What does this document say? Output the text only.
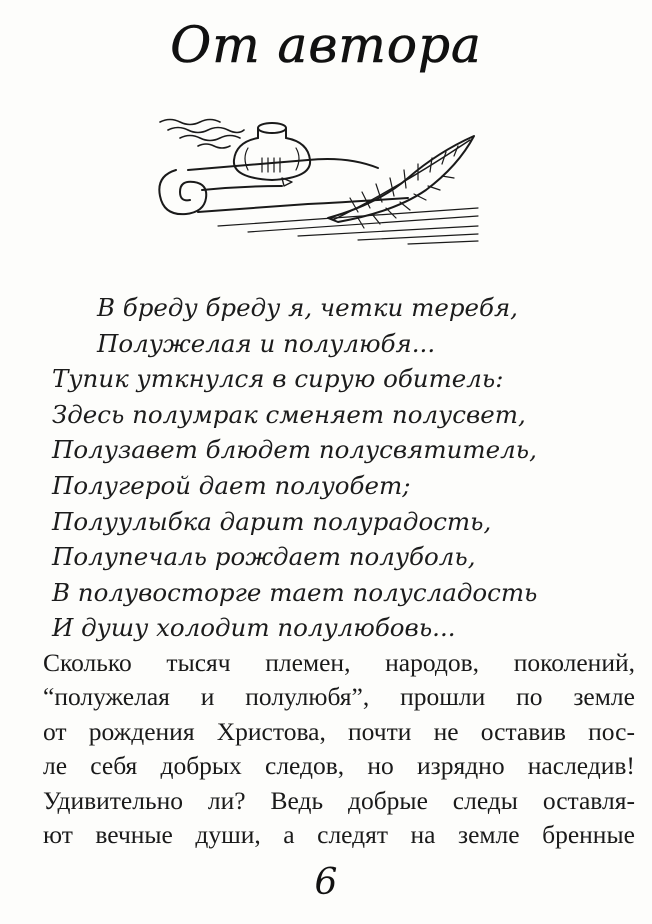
От автора
В бреду бреду я, четки теребя,
Полужелая и полулюбя...
Тупик уткнулся в сирую обитель:
Здесь полумрак сменяет полусвет,
Полузавет блюдет полусвятитель,
Полугерой дает полуобет;
Полуулыбка дарит полурадость,
Полупечаль рождает полуболь,
В полувосторге тает полусладость
И душу холодит полулюбовь...
Сколько тысяч племен, народов, поколений,
“полужелая и полулюбя”, прошли по земле
от рождения Христова, почти не оставив пос-
ле себя добрых следов, но изрядно наследив!
Удивительно ли? Ведь добрые следы оставля-
ют вечные души, а следят на земле бренные
6
